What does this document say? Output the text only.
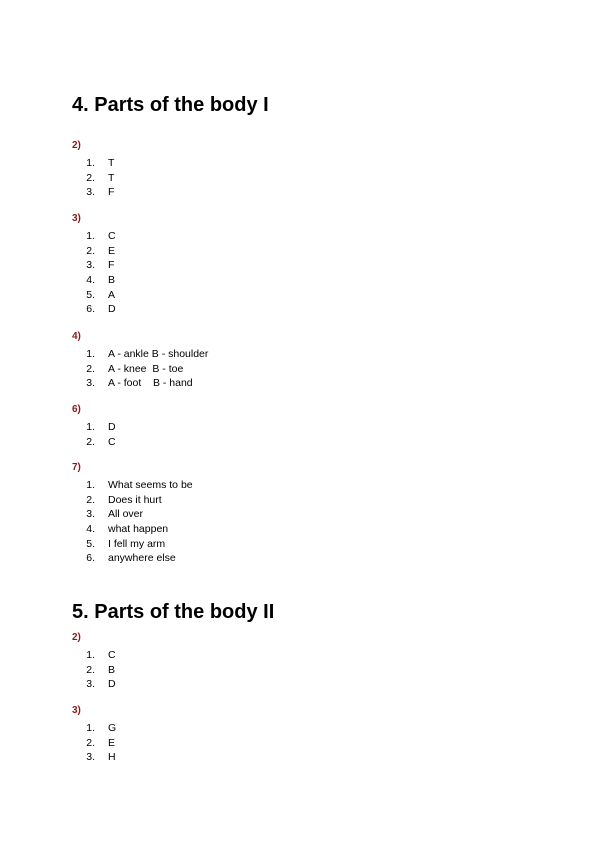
4. Parts of the body I
2)
1. T
2. T
3. F
3)
1. C
2. E
3. F
4. B
5. A
6. D
4)
1. A - ankle B - shoulder
2. A - knee  B - toe
3. A - foot    B - hand
6)
1. D
2. C
7)
1. What seems to be
2. Does it hurt
3. All over
4. what happen
5. I fell my arm
6. anywhere else
5. Parts of the body II
2)
1. C
2. B
3. D
3)
1. G
2. E
3. H
